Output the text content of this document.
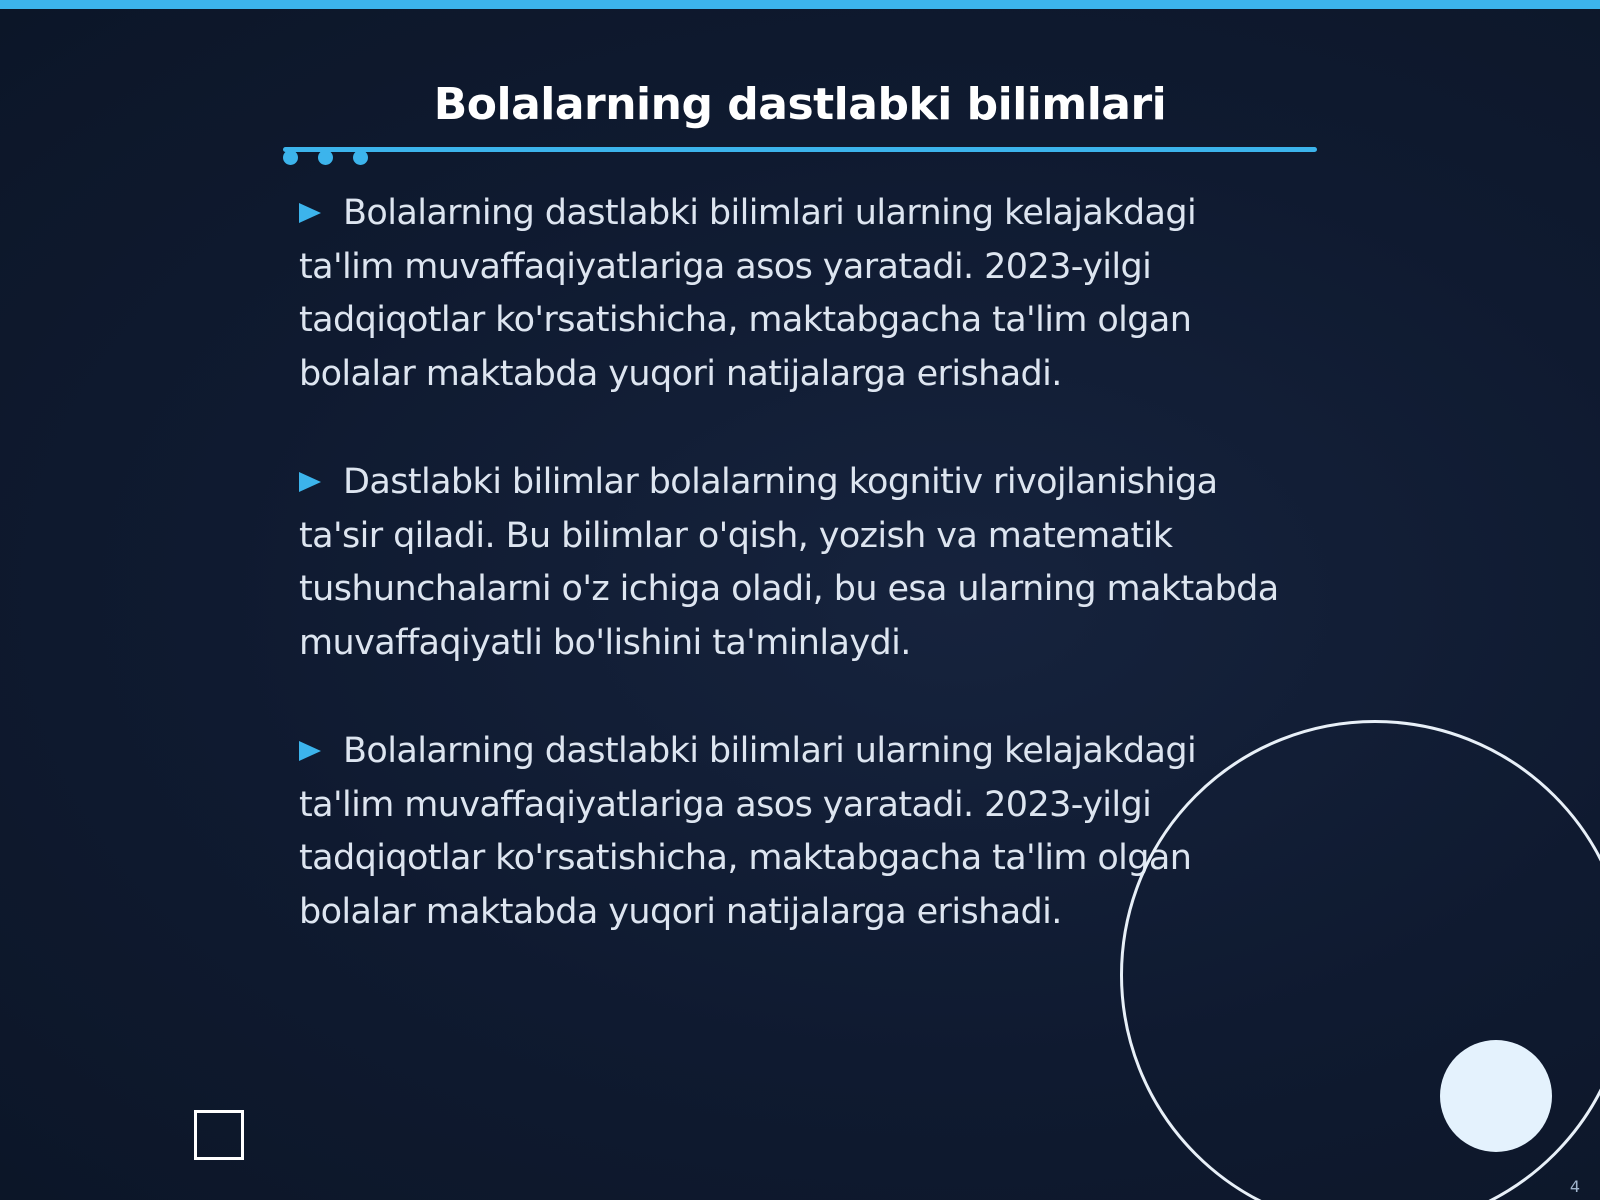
Bolalarning dastlabki bilimlari
Bolalarning dastlabki bilimlari ularning kelajakdagi ta'lim muvaffaqiyatlariga asos yaratadi. 2023-yilgi tadqiqotlar ko'rsatishicha, maktabgacha ta'lim olgan bolalar maktabda yuqori natijalarga erishadi.
Dastlabki bilimlar bolalarning kognitiv rivojlanishiga ta'sir qiladi. Bu bilimlar o'qish, yozish va matematik tushunchalarni o'z ichiga oladi, bu esa ularning maktabda muvaffaqiyatli bo'lishini ta'minlaydi.
Bolalarning dastlabki bilimlari ularning kelajakdagi ta'lim muvaffaqiyatlariga asos yaratadi. 2023-yilgi tadqiqotlar ko'rsatishicha, maktabgacha ta'lim olgan bolalar maktabda yuqori natijalarga erishadi.
4
